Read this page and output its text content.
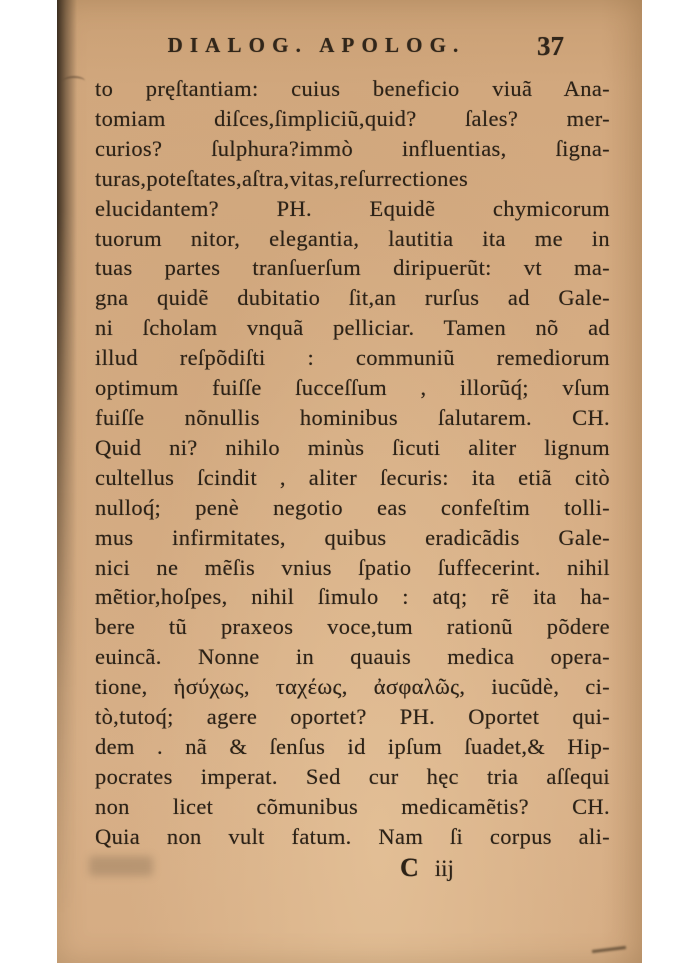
DIALOG. APOLOG.	37
to pręſtantiam: cuius beneficio viuã Ana-
tomiam diſces,ſimpliciũ,quid? ſales? mer-
curios? ſulphura?immò influentias, ſigna-
turas,poteſtates,aſtra,vitas,reſurrectiones
elucidantem? PH. Equidẽ chymicorum
tuorum nitor, elegantia, lautitia ita me in
tuas partes tranſuerſum diripuerũt: vt ma-
gna quidẽ dubitatio ſit,an rurſus ad Gale-
ni ſcholam vnquã pelliciar. Tamen nõ ad
illud reſpõdiſti : communiũ remediorum
optimum fuiſſe ſucceſſum , illorũq́; vſum
fuiſſe nõnullis hominibus ſalutarem. CH.
Quid ni? nihilo minùs ſicuti aliter lignum
cultellus ſcindit , aliter ſecuris: ita etiã citò
nulloq́; penè negotio eas confeſtim tolli-
mus infirmitates, quibus eradicãdis Gale-
nici ne mẽſis vnius ſpatio ſuffecerint. nihil
mẽtior,hoſpes, nihil ſimulo : atq; rẽ ita ha-
bere tũ praxeos voce,tum rationũ põdere
euincã. Nonne in quauis medica opera-
tione, ἡσύχως, ταχέως, ἀσφαλῶς, iucũdè, ci-
tò,tutoq́; agere oportet? PH. Oportet qui-
dem . nã & ſenſus id ipſum ſuadet,& Hip-
pocrates imperat. Sed cur hęc tria aſſequi
non licet cõmunibus medicamẽtis? CH.
Quia non vult fatum. Nam ſi corpus ali-
C iij
